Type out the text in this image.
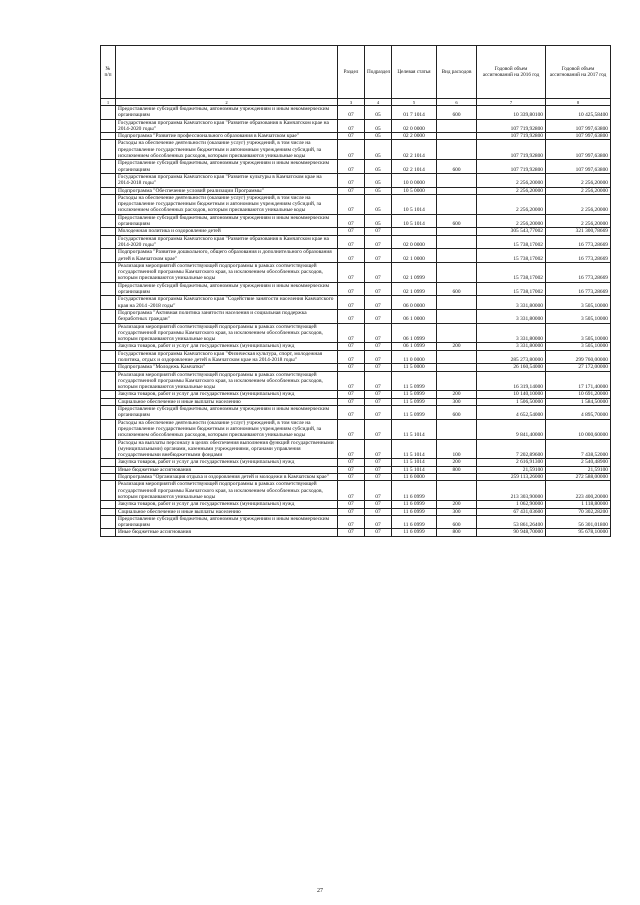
№ п/п		Раздел	Подраздел	Целевая статья	Вид расходов	Годовой объем ассигнований на 2016 год	Годовой объем ассигнований на 2017 год
1	2	3	4	5	6	7	8
	Предоставление субсидий бюджетным, автономным учреждениям и иным некоммерческим организациям	07	05	01 7 1014	600	10 339,80100	10 425,58400
	Государственная программа Камчатского края "Развитие образования в Камчатском крае на 2014-2020 годы"	07	05	02 0 0000		107 719,92800	107 997,63800
	Подпрограмма "Развитие профессионального образования в Камчатском крае"	07	05	02 2 0000		107 719,92800	107 997,63800
	Расходы на обеспечение деятельности (оказание услуг) учреждений, в том числе на предоставление государственным бюджетным и автономным учреждениям субсидий, за исключением обособленных расходов, которым присваиваются уникальные коды	07	05	02 2 1014		107 719,92800	107 997,63800
	Предоставление субсидий бюджетным, автономным учреждениям и иным некоммерческим организациям	07	05	02 2 1014	600	107 719,92800	107 997,63800
	Государственная программа Камчатского края "Развитие культуры в Камчатском крае на 2014-2018 годы"	07	05	10 0 0000		2 256,20000	2 256,20000
	Подпрограмма "Обеспечение условий реализации Программы"	07	05	10 5 0000		2 256,20000	2 256,20000
	Расходы на обеспечение деятельности (оказание услуг) учреждений, в том числе на предоставление государственным бюджетным и автономным учреждениям субсидий, за исключением обособленных расходов, которым присваиваются уникальные коды	07	05	10 5 1014		2 256,20000	2 256,20000
	Предоставление субсидий бюджетным, автономным учреждениям и иным некоммерческим организациям	07	05	10 5 1014	600	2 256,20000	2 256,20000
	Молодежная политика и оздоровление детей	07	07			305 543,77002	321 300,78669
	Государственная программа Камчатского края "Развитие образования в Камчатском крае на 2014-2020 годы"	07	07	02 0 0000		15 738,17002	16 773,28669
	Подпрограмма "Развитие дошкольного, общего образования и дополнительного образования детей в Камчатском крае"	07	07	02 1 0000		15 738,17002	16 773,28669
	Реализация мероприятий соответствующей подпрограммы в рамках соответствующей государственной программы Камчатского края, за исключением обособленных расходов, которым присваиваются уникальные коды	07	07	02 1 0999		15 738,17002	16 773,28669
	Предоставление субсидий бюджетным, автономным учреждениям и иным некоммерческим организациям	07	07	02 1 0999	600	15 738,17002	16 773,28669
	Государственная программа Камчатского края "Содействие занятости населения Камчатского края на 2014 -2018 годы"	07	07	06 0 0000		3 331,80000	3 505,10000
	Подпрограмма "Активная политика занятости населения и социальная поддержка безработных граждан"	07	07	06 1 0000		3 331,80000	3 505,10000
	Реализация мероприятий соответствующей подпрограммы в рамках соответствующей государственной программы Камчатского края, за исключением обособленных расходов, которым присваиваются уникальные коды	07	07	06 1 0999		3 331,80000	3 505,10000
	Закупка товаров, работ и услуг для государственных (муниципальных) нужд	07	07	06 1 0999	200	3 331,80000	3 505,10000
	Государственная программа Камчатского края "Физическая культура, спорт, молодежная политика, отдых и оздоровление детей в Камчатском крае на 2014-2018 годы"	07	07	11 0 0000		285 273,80000	299 760,00000
	Подпрограмма "Молодежь Камчатки"	07	07	11 5 0000		26 160,54000	27 172,00000
	Реализация мероприятий соответствующей подпрограммы в рамках соответствующей государственной программы Камчатского края, за исключением обособленных расходов, которым присваиваются уникальные коды	07	07	11 5 0999		16 319,14000	17 171,40000
	Закупка товаров, работ и услуг для государственных (муниципальных) нужд	07	07	11 5 0999	200	10 140,10000	10 691,20000
	Социальное обеспечение и иные выплаты населению	07	07	11 5 0999	300	1 506,50000	1 584,50000
	Предоставление субсидий бюджетным, автономным учреждениям и иным некоммерческим организациям	07	07	11 5 0999	600	4 652,54000	4 895,70000
	Расходы на обеспечение деятельности (оказание услуг) учреждений, в том числе на предоставление государственным бюджетным и автономным учреждениям субсидий, за исключением обособленных расходов, которым присваиваются уникальные коды	07	07	11 5 1014		9 841,40000	10 000,60000
	Расходы на выплаты персоналу в целях обеспечения выполнения функций государственными (муниципальными) органами, казенными учреждениями, органами управления государственными внебюджетными фондами	07	07	11 5 1014	100	7 202,89600	7 438,52000
	Закупка товаров, работ и услуг для государственных (муниципальных) нужд	07	07	11 5 1014	200	2 616,91300	2 540,48900
	Иные бюджетные ассигнования	07	07	11 5 1014	800	21,59100	21,59100
	Подпрограмма "Организация отдыха и оздоровления детей и молодежи в Камчатском крае"	07	07	11 6 0000		259 113,26000	272 588,00000
	Реализация мероприятий соответствующей подпрограммы в рамках соответствующей государственной программы Камчатского края, за исключением обособленных расходов, которым присваиваются уникальные коды	07	07	11 6 0999		213 303,90000	223 400,20000
	Закупка товаров, работ и услуг для государственных (муниципальных) нужд	07	07	11 6 0999	200	1 062,90000	1 118,80000
	Социальное обеспечение и иные выплаты населению	07	07	11 6 0999	300	67 431,03600	70 302,28200
	Предоставление субсидий бюджетным, автономным учреждениям и иным некоммерческим организациям	07	07	11 6 0999	600	53 861,26400	56 301,01800
	Иные бюджетные ассигнования	07	07	11 6 0999	800	90 948,70000	95 678,10000
27
